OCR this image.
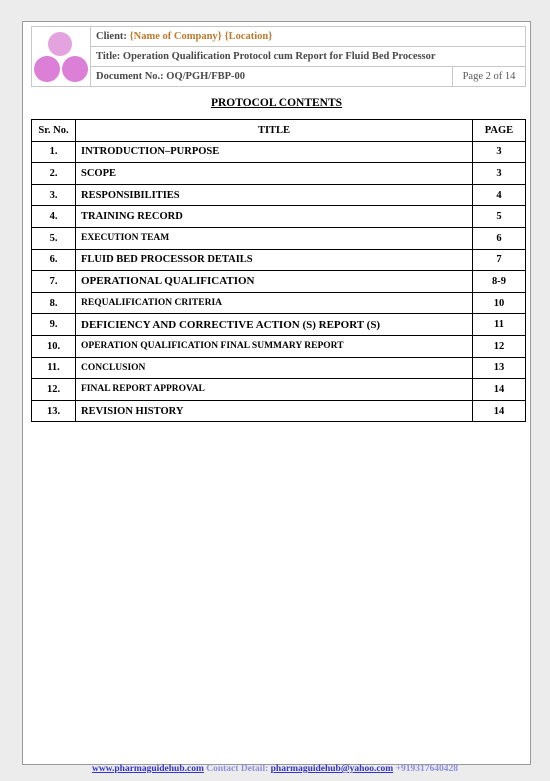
	Client: {Name of Company} {Location}	
	Title: Operation Qualification Protocol cum Report for Fluid Bed Processor	
	Document No.: OQ/PGH/FBP-00	Page 2 of 14
PROTOCOL CONTENTS
Sr. No.	TITLE	PAGE
1.	INTRODUCTION–PURPOSE	3
2.	SCOPE	3
3.	RESPONSIBILITIES	4
4.	TRAINING RECORD	5
5.	EXECUTION TEAM	6
6.	FLUID BED PROCESSOR DETAILS	7
7.	OPERATIONAL QUALIFICATION	8-9
8.	REQUALIFICATION CRITERIA	10
9.	DEFICIENCY AND CORRECTIVE ACTION (S) REPORT (S)	11
10.	OPERATION QUALIFICATION FINAL SUMMARY REPORT	12
11.	CONCLUSION	13
12.	FINAL REPORT APPROVAL	14
13.	REVISION HISTORY	14
www.pharmaguidehub.com Contact Detail: pharmaguidehub@yahoo.com +919317640428
